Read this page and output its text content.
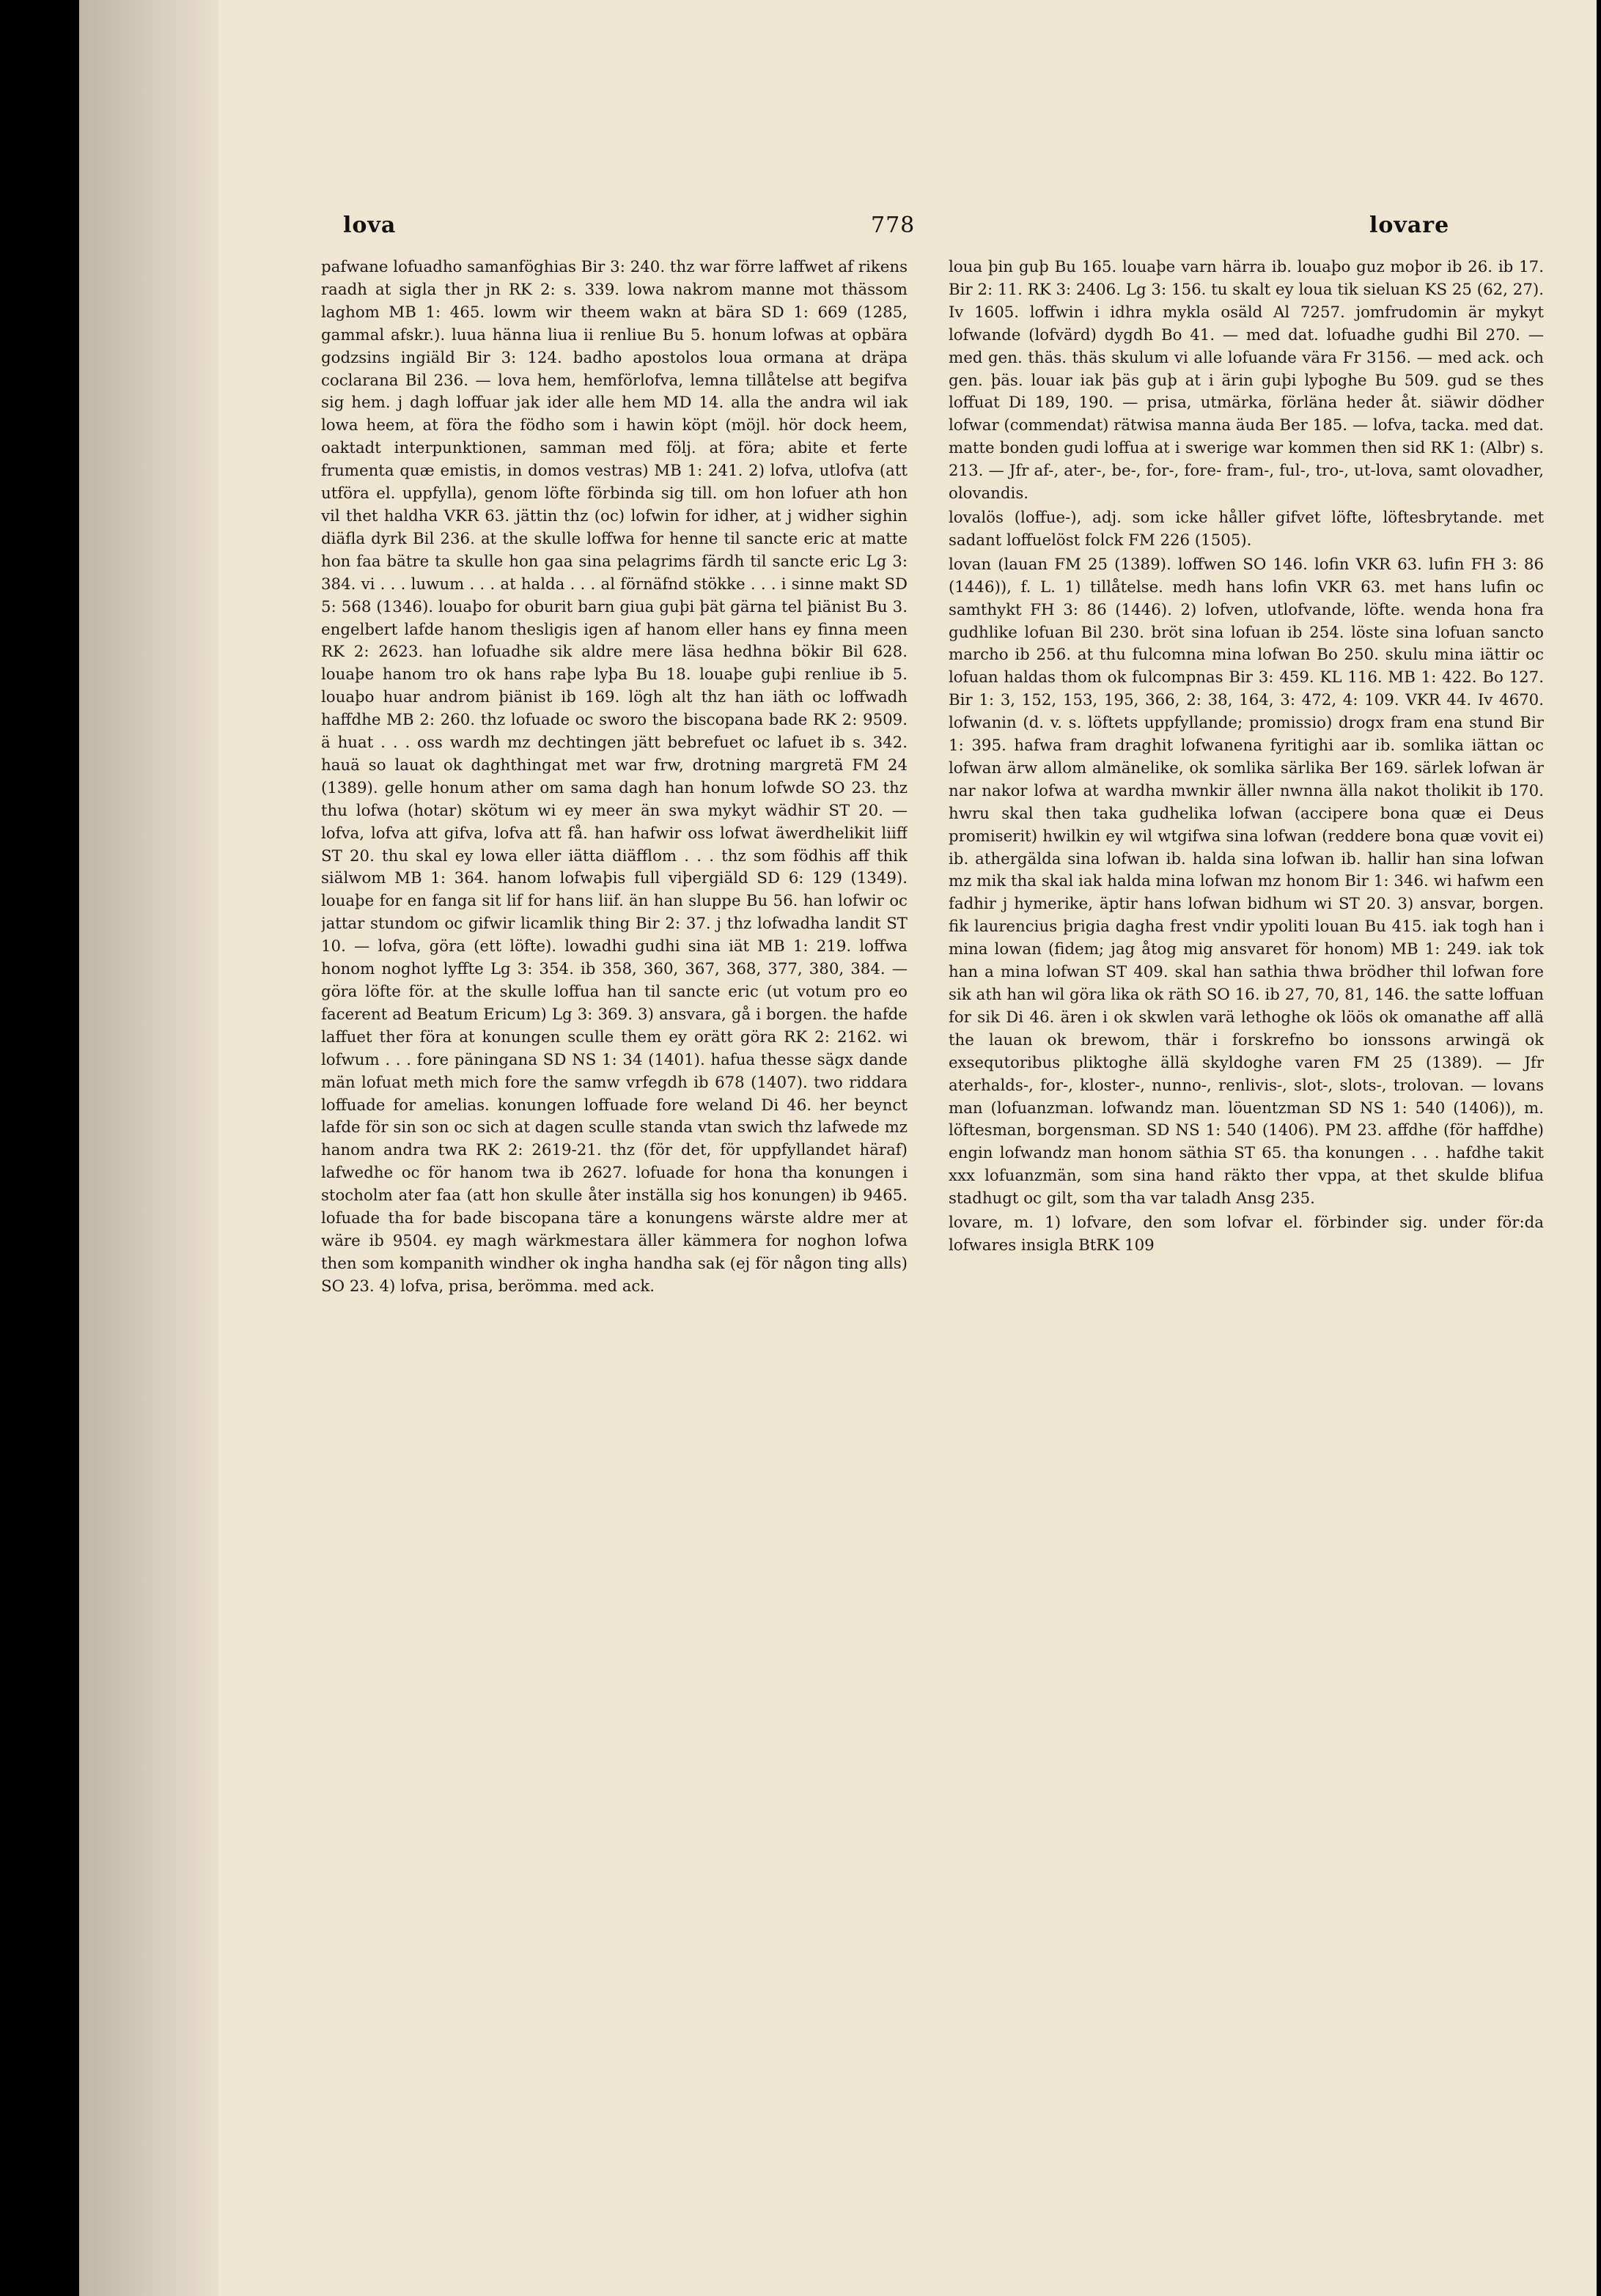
lova	778	lovare

pafwane lofuadho samanföghias Bir 3: 240. thz war förre laffwet af rikens raadh at sigla ther jn RK 2: s. 339. lowa nakrom manne mot thässom laghom MB 1: 465. lowm wir theem wakn at bära SD 1: 669 (1285, gammal afskr.). luua hänna liua ii renliue Bu 5. honum lofwas at opbära godzsins ingiäld Bir 3: 124. badho apostolos loua ormana at dräpa coclarana Bil 236. — lova hem, hemförlofva, lemna tillåtelse att begifva sig hem. j dagh loffuar jak ider alle hem MD 14. alla the andra wil iak lowa heem, at föra the födho som i hawin köpt (möjl. hör dock heem, oaktadt interpunktionen, samman med följ. at föra; abite et ferte frumenta quæ emistis, in domos vestras) MB 1: 241. 2) lofva, utlofva (att utföra el. uppfylla), genom löfte förbinda sig till. om hon lofuer ath hon vil thet haldha VKR 63. jättin thz (oc) lofwin for idher, at j widher sighin diäfla dyrk Bil 236. at the skulle loffwa for henne til sancte eric at matte hon faa bätre ta skulle hon gaa sina pelagrims färdh til sancte eric Lg 3: 384. vi . . . luwum . . . at halda . . . al förnäfnd stökke . . . i sinne makt SD 5: 568 (1346). louaþo for oburit barn giua guþi þät gärna tel þiänist Bu 3. engelbert lafde hanom thesligis igen af hanom eller hans ey finna meen RK 2: 2623. han lofuadhe sik aldre mere läsa hedhna bökir Bil 628. louaþe hanom tro ok hans raþe lyþa Bu 18. louaþe guþi renliue ib 5. louaþo huar androm þiänist ib 169. lögh alt thz han iäth oc loffwadh haffdhe MB 2: 260. thz lofuade oc sworo the biscopana bade RK 2: 9509. ä huat . . . oss wardh mz dechtingen jätt bebrefuet oc lafuet ib s. 342. hauä so lauat ok daghthingat met war frw, drotning margretä FM 24 (1389). gelle honum ather om sama dagh han honum lofwde SO 23. thz thu lofwa (hotar) skötum wi ey meer än swa mykyt wädhir ST 20. — lofva, lofva att gifva, lofva att få. han hafwir oss lofwat äwerdhelikit liiff ST 20. thu skal ey lowa eller iätta diäfflom . . . thz som födhis aff thik siälwom MB 1: 364. hanom lofwaþis full viþergiäld SD 6: 129 (1349). louaþe for en fanga sit lif for hans liif. än han sluppe Bu 56. han lofwir oc jattar stundom oc gifwir licamlik thing Bir 2: 37. j thz lofwadha landit ST 10. — lofva, göra (ett löfte). lowadhi gudhi sina iät MB 1: 219. loffwa honom noghot lyffte Lg 3: 354. ib 358, 360, 367, 368, 377, 380, 384. — göra löfte för. at the skulle loffua han til sancte eric (ut votum pro eo facerent ad Beatum Ericum) Lg 3: 369. 3) ansvara, gå i borgen. the hafde laffuet ther föra at konungen sculle them ey orätt göra RK 2: 2162. wi lofwum . . . fore päningana SD NS 1: 34 (1401). hafua thesse sägx dande män lofuat meth mich fore the samw vrfegdh ib 678 (1407). two riddara loffuade for amelias. konungen loffuade fore weland Di 46. her beynct lafde för sin son oc sich at dagen sculle standa vtan swich thz lafwede mz hanom andra twa RK 2: 2619-21. thz (för det, för uppfyllandet häraf) lafwedhe oc för hanom twa ib 2627. lofuade for hona tha konungen i stocholm ater faa (att hon skulle åter inställa sig hos konungen) ib 9465. lofuade tha for bade biscopana täre a konungens wärste aldre mer at wäre ib 9504. ey magh wärkmestara äller kämmera for noghon lofwa then som kompanith windher ok ingha handha sak (ej för någon ting alls) SO 23. 4) lofva, prisa, berömma. med ack.

loua þin guþ Bu 165. louaþe varn härra ib. louaþo guz moþor ib 26. ib 17. Bir 2: 11. RK 3: 2406. Lg 3: 156. tu skalt ey loua tik sieluan KS 25 (62, 27). Iv 1605. loffwin i idhra mykla osäld Al 7257. jomfrudomin är mykyt lofwande (lofvärd) dygdh Bo 41. — med dat. lofuadhe gudhi Bil 270. — med gen. thäs. thäs skulum vi alle lofuande vära Fr 3156. — med ack. och gen. þäs. louar iak þäs guþ at i ärin guþi lyþoghe Bu 509. gud se thes loffuat Di 189, 190. — prisa, utmärka, förläna heder åt. siäwir dödher lofwar (commendat) rätwisa manna äuda Ber 185. — lofva, tacka. med dat. matte bonden gudi loffua at i swerige war kommen then sid RK 1: (Albr) s. 213. — Jfr af-, ater-, be-, for-, fore- fram-, ful-, tro-, ut-lova, samt olovadher, olovandis.

lovalös (loffue-), adj. som icke håller gifvet löfte, löftesbrytande. met sadant loffuelöst folck FM 226 (1505).

lovan (lauan FM 25 (1389). loffwen SO 146. lofin VKR 63. lufin FH 3: 86 (1446)), f. L. 1) tillåtelse. medh hans lofin VKR 63. met hans lufin oc samthykt FH 3: 86 (1446). 2) lofven, utlofvande, löfte. wenda hona fra gudhlike lofuan Bil 230. bröt sina lofuan ib 254. löste sina lofuan sancto marcho ib 256. at thu fulcomna mina lofwan Bo 250. skulu mina iättir oc lofuan haldas thom ok fulcompnas Bir 3: 459. KL 116. MB 1: 422. Bo 127. Bir 1: 3, 152, 153, 195, 366, 2: 38, 164, 3: 472, 4: 109. VKR 44. Iv 4670. lofwanin (d. v. s. löftets uppfyllande; promissio) drogx fram ena stund Bir 1: 395. hafwa fram draghit lofwanena fyritighi aar ib. somlika iättan oc lofwan ärw allom almänelike, ok somlika särlika Ber 169. särlek lofwan är nar nakor lofwa at wardha mwnkir äller nwnna älla nakot tholikit ib 170. hwru skal then taka gudhelika lofwan (accipere bona quæ ei Deus promiserit) hwilkin ey wil wtgifwa sina lofwan (reddere bona quæ vovit ei) ib. athergälda sina lofwan ib. halda sina lofwan ib. hallir han sina lofwan mz mik tha skal iak halda mina lofwan mz honom Bir 1: 346. wi hafwm een fadhir j hymerike, äptir hans lofwan bidhum wi ST 20. 3) ansvar, borgen. fik laurencius þrigia dagha frest vndir ypoliti louan Bu 415. iak togh han i mina lowan (fidem; jag åtog mig ansvaret för honom) MB 1: 249. iak tok han a mina lofwan ST 409. skal han sathia thwa brödher thil lofwan fore sik ath han wil göra lika ok räth SO 16. ib 27, 70, 81, 146. the satte loffuan for sik Di 46. ären i ok skwlen varä lethoghe ok löös ok omanathe aff allä the lauan ok brewom, thär i forskrefno bo ionssons arwingä ok exsequtoribus pliktoghe ällä skyldoghe varen FM 25 (1389). — Jfr aterhalds-, for-, kloster-, nunno-, renlivis-, slot-, slots-, trolovan. — lovans man (lofuanzman. lofwandz man. löuentzman SD NS 1: 540 (1406)), m. löftesman, borgensman. SD NS 1: 540 (1406). PM 23. affdhe (för haffdhe) engin lofwandz man honom säthia ST 65. tha konungen . . . hafdhe takit xxx lofuanzmän, som sina hand räkto ther vppa, at thet skulde blifua stadhugt oc gilt, som tha var taladh Ansg 235.

lovare, m. 1) lofvare, den som lofvar el. förbinder sig. under för:da lofwares insigla BtRK 109
